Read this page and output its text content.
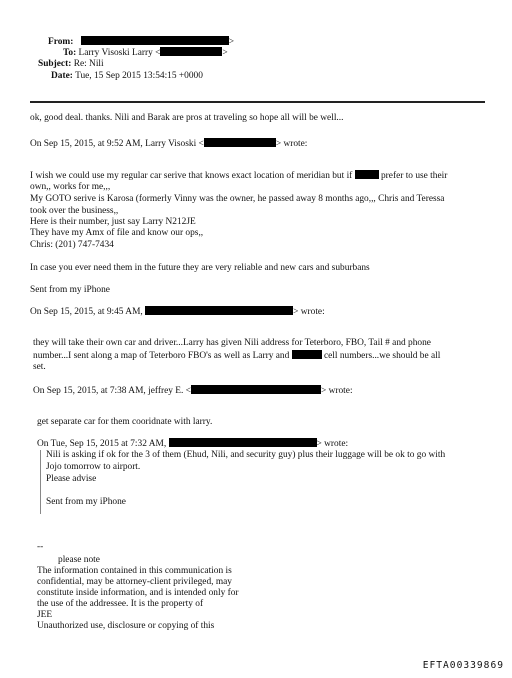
From:	>
To: Larry Visoski Larry <	>
Subject: Re: Nili
Date: Tue, 15 Sep 2015 13:54:15 +0000
ok, good deal. thanks. Nili and Barak are pros at traveling so hope all will be well...
On Sep 15, 2015, at 9:52 AM, Larry Visoski <	> wrote:
I wish we could use my regular car serive that knows exact location of meridian but if	prefer to use their
own,, works for me,,,
My GOTO serive is Karosa (formerly Vinny was the owner, he passed away 8 months ago,,, Chris and Teressa
took over the business,,
Here is their number, just say Larry N212JE
They have my Amx of file and know our ops,,
Chris: (201) 747-7434
In case you ever need them in the future they are very reliable and new cars and suburbans
Sent from my iPhone
On Sep 15, 2015, at 9:45 AM,	> wrote:
they will take their own car and driver...Larry has given Nili address for Teterboro, FBO, Tail # and phone
number...I sent along a map of Teterboro FBO's as well as Larry and	cell numbers...we should be all
set.
On Sep 15, 2015, at 7:38 AM, jeffrey E. <	> wrote:
get separate car for them cooridnate with larry.
On Tue, Sep 15, 2015 at 7:32 AM,	> wrote:
Nili is asking if ok for the 3 of them (Ehud, Nili, and security guy) plus their luggage will be ok to go with
Jojo tomorrow to airport.
Please advise
Sent from my iPhone
--
please note
The information contained in this communication is
confidential, may be attorney-client privileged, may
constitute inside information, and is intended only for
the use of the addressee. It is the property of
JEE
Unauthorized use, disclosure or copying of this
EFTA00339869
